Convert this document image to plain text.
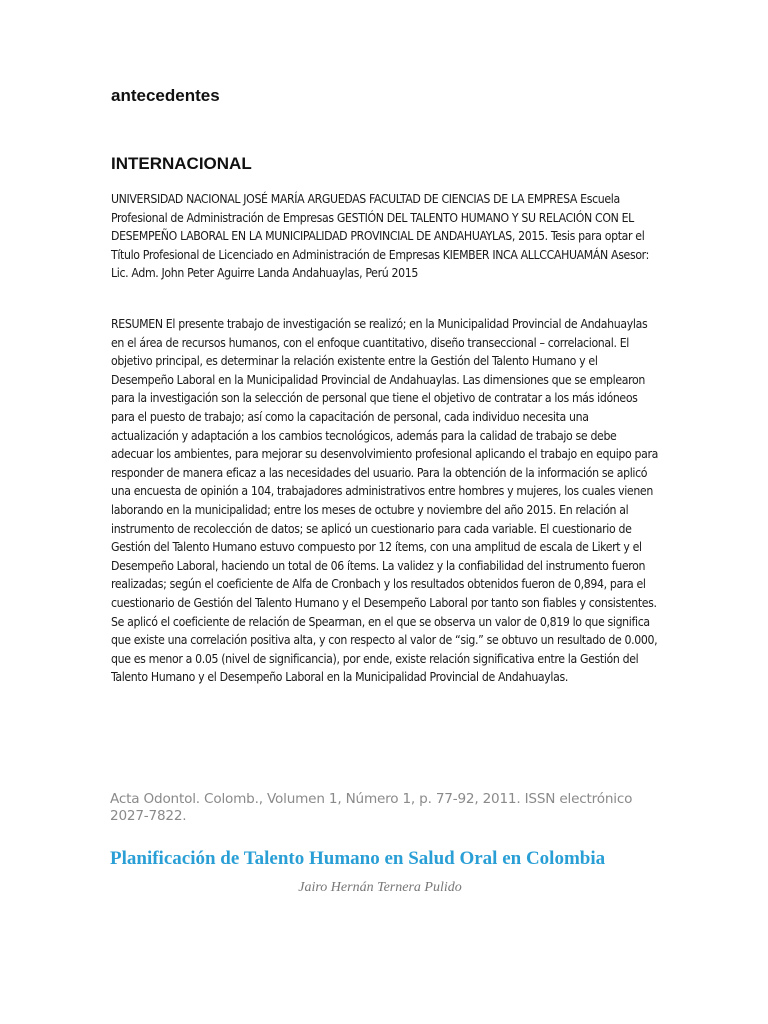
antecedentes
INTERNACIONAL

UNIVERSIDAD NACIONAL JOSÉ MARÍA ARGUEDAS FACULTAD DE CIENCIAS DE LA EMPRESA Escuela Profesional de Administración de Empresas GESTIÓN DEL TALENTO HUMANO Y SU RELACIÓN CON EL DESEMPEÑO LABORAL EN LA MUNICIPALIDAD PROVINCIAL DE ANDAHUAYLAS, 2015. Tesis para optar el Título Profesional de Licenciado en Administración de Empresas KIEMBER INCA ALLCCAHUAMÁN Asesor: Lic. Adm. John Peter Aguirre Landa Andahuaylas, Perú 2015

RESUMEN El presente trabajo de investigación se realizó; en la Municipalidad Provincial de Andahuaylas en el área de recursos humanos, con el enfoque cuantitativo, diseño transeccional – correlacional. El objetivo principal, es determinar la relación existente entre la Gestión del Talento Humano y el Desempeño Laboral en la Municipalidad Provincial de Andahuaylas. Las dimensiones que se emplearon para la investigación son la selección de personal que tiene el objetivo de contratar a los más idóneos para el puesto de trabajo; así como la capacitación de personal, cada individuo necesita una actualización y adaptación a los cambios tecnológicos, además para la calidad de trabajo se debe adecuar los ambientes, para mejorar su desenvolvimiento profesional aplicando el trabajo en equipo para responder de manera eficaz a las necesidades del usuario. Para la obtención de la información se aplicó una encuesta de opinión a 104, trabajadores administrativos entre hombres y mujeres, los cuales vienen laborando en la municipalidad; entre los meses de octubre y noviembre del año 2015. En relación al instrumento de recolección de datos; se aplicó un cuestionario para cada variable. El cuestionario de Gestión del Talento Humano estuvo compuesto por 12 ítems, con una amplitud de escala de Likert y el Desempeño Laboral, haciendo un total de 06 ítems. La validez y la confiabilidad del instrumento fueron realizadas; según el coeficiente de Alfa de Cronbach y los resultados obtenidos fueron de 0,894, para el cuestionario de Gestión del Talento Humano y el Desempeño Laboral por tanto son fiables y consistentes. Se aplicó el coeficiente de relación de Spearman, en el que se observa un valor de 0,819 lo que significa que existe una correlación positiva alta, y con respecto al valor de “sig.” se obtuvo un resultado de 0.000, que es menor a 0.05 (nivel de significancia), por ende, existe relación significativa entre la Gestión del Talento Humano y el Desempeño Laboral en la Municipalidad Provincial de Andahuaylas.

Acta Odontol. Colomb., Volumen 1, Número 1, p. 77-92, 2011. ISSN electrónico 2027-7822.

Planificación de Talento Humano en Salud Oral en Colombia

Jairo Hernán Ternera Pulido
